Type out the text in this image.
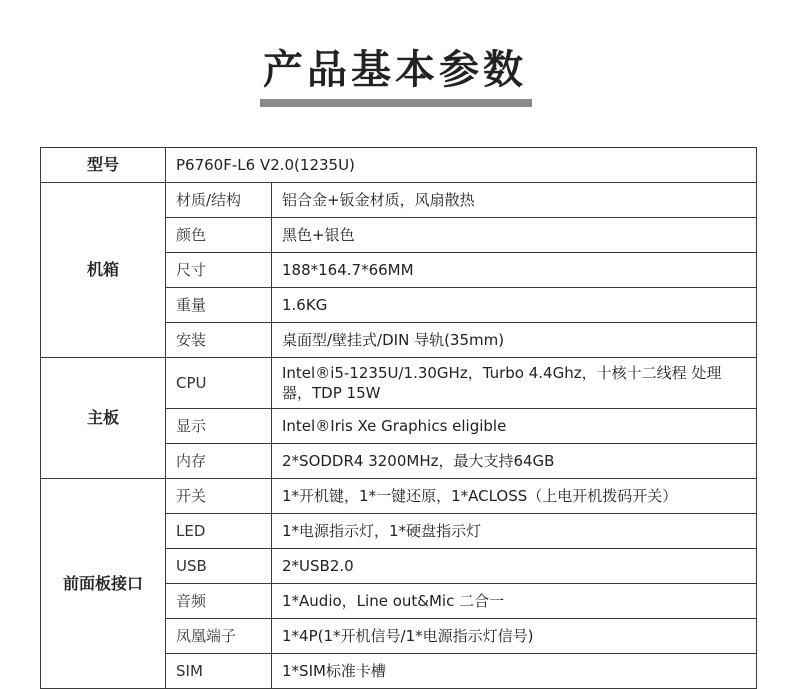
产品基本参数
型号	P6760F-L6 V2.0(1235U)	
机箱	材质/结构	铝合金+钣金材质，风扇散热
	颜色	黑色+银色
	尺寸	188*164.7*66MM
	重量	1.6KG
	安装	桌面型/壁挂式/DIN 导轨(35mm)
主板	CPU	Intel®i5-1235U/1.30GHz，Turbo 4.4Ghz，十核十二线程 处理器，TDP 15W
	显示	Intel®Iris Xe Graphics eligible
	内存	2*SODDR4 3200MHz，最大支持64GB
前面板接口	开关	1*开机键，1*一键还原，1*ACLOSS（上电开机拨码开关）
	LED	1*电源指示灯，1*硬盘指示灯
	USB	2*USB2.0
	音频	1*Audio，Line out&Mic 二合一
	凤凰端子	1*4P(1*开机信号/1*电源指示灯信号)
	SIM	1*SIM标准卡槽
